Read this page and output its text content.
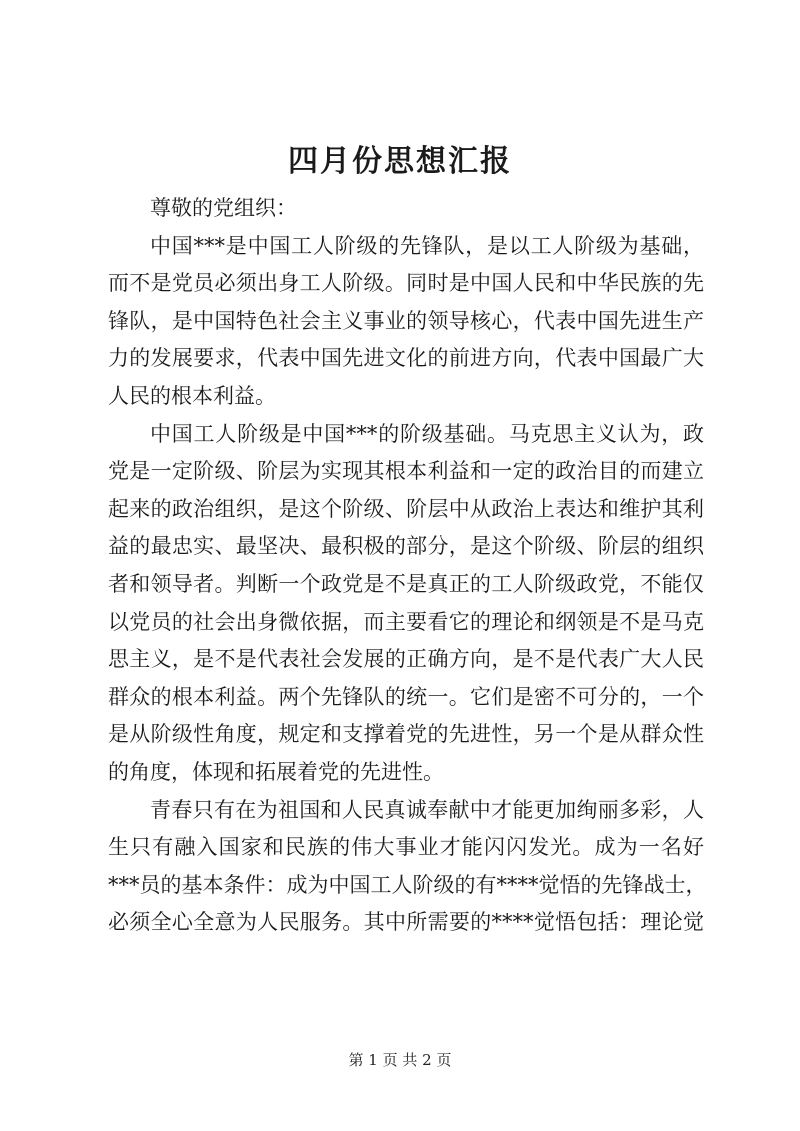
四月份思想汇报
尊敬的党组织：
中国***是中国工人阶级的先锋队，是以工人阶级为基础，
而不是党员必须出身工人阶级。同时是中国人民和中华民族的先
锋队，是中国特色社会主义事业的领导核心，代表中国先进生产
力的发展要求，代表中国先进文化的前进方向，代表中国最广大
人民的根本利益。
中国工人阶级是中国***的阶级基础。马克思主义认为，政
党是一定阶级、阶层为实现其根本利益和一定的政治目的而建立
起来的政治组织，是这个阶级、阶层中从政治上表达和维护其利
益的最忠实、最坚决、最积极的部分，是这个阶级、阶层的组织
者和领导者。判断一个政党是不是真正的工人阶级政党，不能仅
以党员的社会出身微依据，而主要看它的理论和纲领是不是马克
思主义，是不是代表社会发展的正确方向，是不是代表广大人民
群众的根本利益。两个先锋队的统一。它们是密不可分的，一个
是从阶级性角度，规定和支撑着党的先进性，另一个是从群众性
的角度，体现和拓展着党的先进性。
青春只有在为祖国和人民真诚奉献中才能更加绚丽多彩，人
生只有融入国家和民族的伟大事业才能闪闪发光。成为一名好
***员的基本条件：成为中国工人阶级的有****觉悟的先锋战士，
必须全心全意为人民服务。其中所需要的****觉悟包括：理论觉
第 1 页 共 2 页
